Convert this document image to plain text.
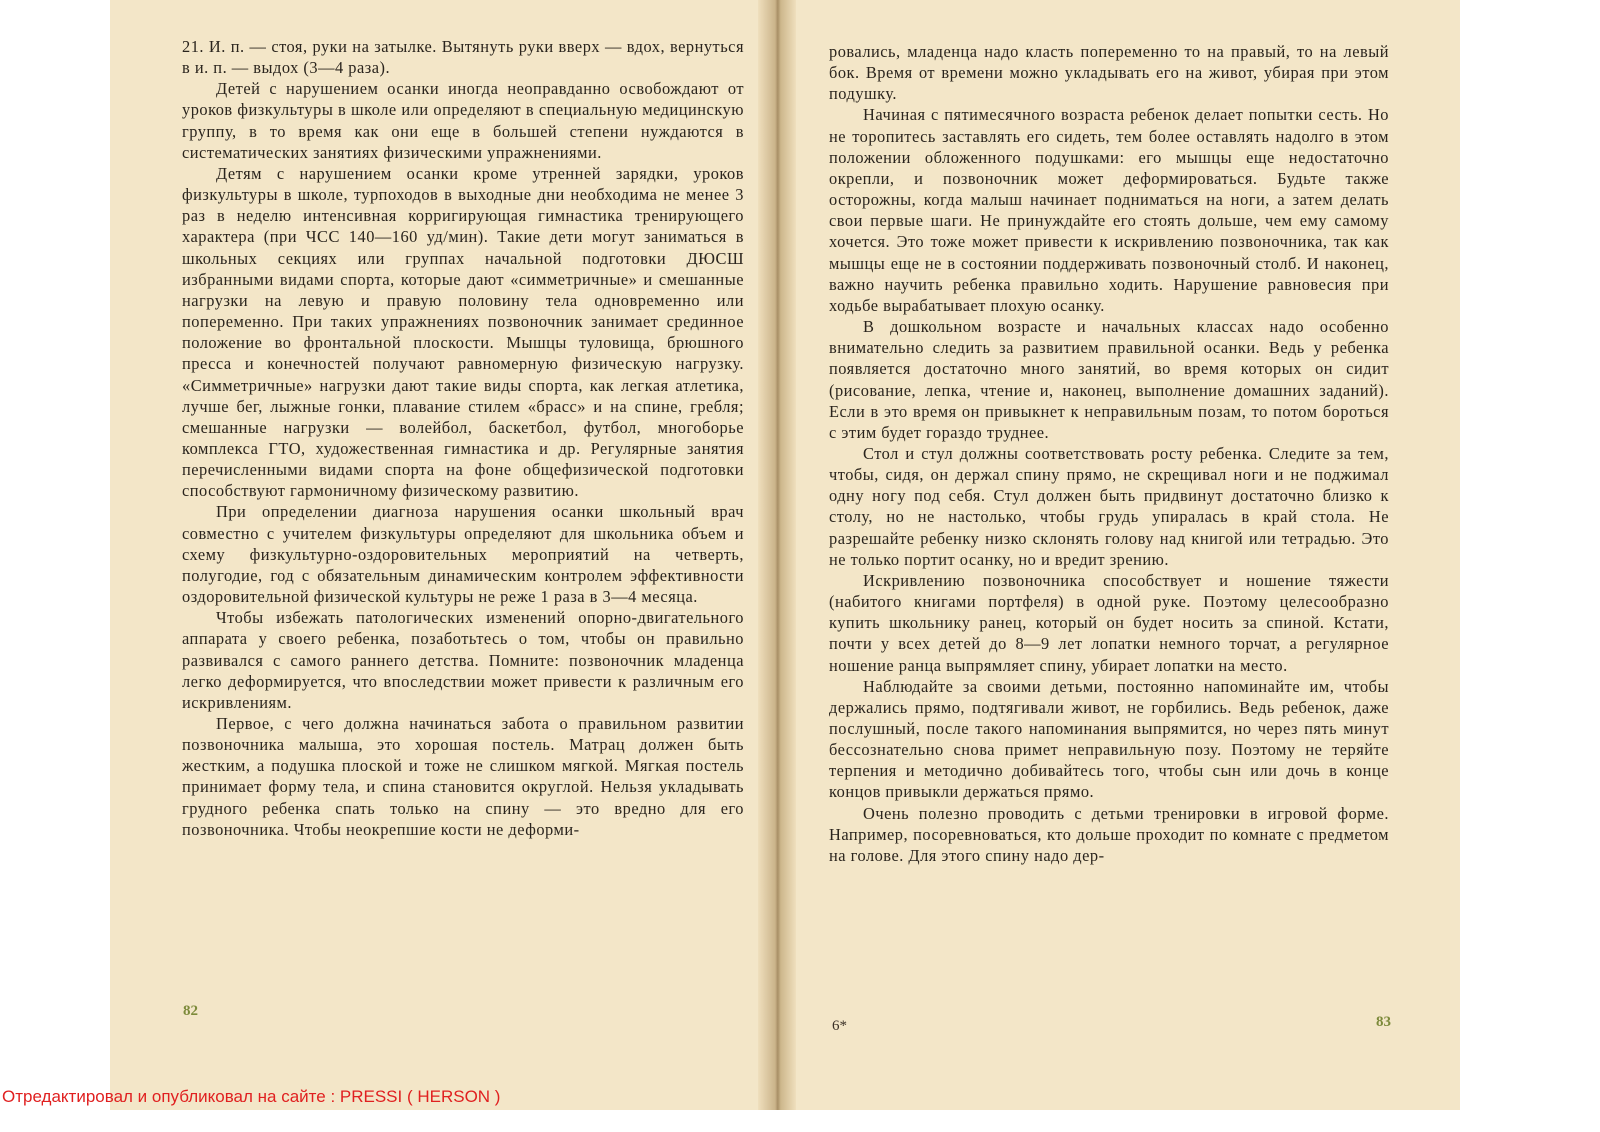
21. И. п. — стоя, руки на затылке. Вытянуть руки вверх — вдох, вернуться в и. п. — выдох (3—4 раза).

Детей с нарушением осанки иногда неоправданно освобождают от уроков физкультуры в школе или определяют в специальную медицинскую группу, в то время как они еще в большей степени нуждаются в систематических занятиях физическими упражнениями.

Детям с нарушением осанки кроме утренней зарядки, уроков физкультуры в школе, турпоходов в выходные дни необходима не менее 3 раз в неделю интенсивная корригирующая гимнастика тренирующего характера (при ЧСС 140—160 уд/мин). Такие дети могут заниматься в школьных секциях или группах начальной подготовки ДЮСШ избранными видами спорта, которые дают «симметричные» и смешанные нагрузки на левую и правую половину тела одновременно или попеременно. При таких упражнениях позвоночник занимает срединное положение во фронтальной плоскости. Мышцы туловища, брюшного пресса и конечностей получают равномерную физическую нагрузку. «Симметричные» нагрузки дают такие виды спорта, как легкая атлетика, лучше бег, лыжные гонки, плавание стилем «брасс» и на спине, гребля; смешанные нагрузки — волейбол, баскетбол, футбол, многоборье комплекса ГТО, художественная гимнастика и др. Регулярные занятия перечисленными видами спорта на фоне общефизической подготовки способствуют гармоничному физическому развитию.

При определении диагноза нарушения осанки школьный врач совместно с учителем физкультуры определяют для школьника объем и схему физкультурно-оздоровительных мероприятий на четверть, полугодие, год с обязательным динамическим контролем эффективности оздоровительной физической культуры не реже 1 раза в 3—4 месяца.

Чтобы избежать патологических изменений опорно-двигательного аппарата у своего ребенка, позаботьтесь о том, чтобы он правильно развивался с самого раннего детства. Помните: позвоночник младенца легко деформируется, что впоследствии может привести к различным его искривлениям.

Первое, с чего должна начинаться забота о правильном развитии позвоночника малыша, это хорошая постель. Матрац должен быть жестким, а подушка плоской и тоже не слишком мягкой. Мягкая постель принимает форму тела, и спина становится округлой. Нельзя укладывать грудного ребенка спать только на спину — это вредно для его позвоночника. Чтобы неокрепшие кости не деформи-

ровались, младенца надо класть попеременно то на правый, то на левый бок. Время от времени можно укладывать его на живот, убирая при этом подушку.

Начиная с пятимесячного возраста ребенок делает попытки сесть. Но не торопитесь заставлять его сидеть, тем более оставлять надолго в этом положении обложенного подушками: его мышцы еще недостаточно окрепли, и позвоночник может деформироваться. Будьте также осторожны, когда малыш начинает подниматься на ноги, а затем делать свои первые шаги. Не принуждайте его стоять дольше, чем ему самому хочется. Это тоже может привести к искривлению позвоночника, так как мышцы еще не в состоянии поддерживать позвоночный столб. И наконец, важно научить ребенка правильно ходить. Нарушение равновесия при ходьбе вырабатывает плохую осанку.

В дошкольном возрасте и начальных классах надо особенно внимательно следить за развитием правильной осанки. Ведь у ребенка появляется достаточно много занятий, во время которых он сидит (рисование, лепка, чтение и, наконец, выполнение домашних заданий). Если в это время он привыкнет к неправильным позам, то потом бороться с этим будет гораздо труднее.

Стол и стул должны соответствовать росту ребенка. Следите за тем, чтобы, сидя, он держал спину прямо, не скрещивал ноги и не поджимал одну ногу под себя. Стул должен быть придвинут достаточно близко к столу, но не настолько, чтобы грудь упиралась в край стола. Не разрешайте ребенку низко склонять голову над книгой или тетрадью. Это не только портит осанку, но и вредит зрению.

Искривлению позвоночника способствует и ношение тяжести (набитого книгами портфеля) в одной руке. Поэтому целесообразно купить школьнику ранец, который он будет носить за спиной. Кстати, почти у всех детей до 8—9 лет лопатки немного торчат, а регулярное ношение ранца выпрямляет спину, убирает лопатки на место.

Наблюдайте за своими детьми, постоянно напоминайте им, чтобы держались прямо, подтягивали живот, не горбились. Ведь ребенок, даже послушный, после такого напоминания выпрямится, но через пять минут бессознательно снова примет неправильную позу. Поэтому не теряйте терпения и методично добивайтесь того, чтобы сын или дочь в конце концов привыкли держаться прямо.

Очень полезно проводить с детьми тренировки в игровой форме. Например, посоревноваться, кто дольше проходит по комнате с предметом на голове. Для этого спину надо дер-

82
6*	83
Отредактировал и опубликовал на сайте : PRESSI ( HERSON )
